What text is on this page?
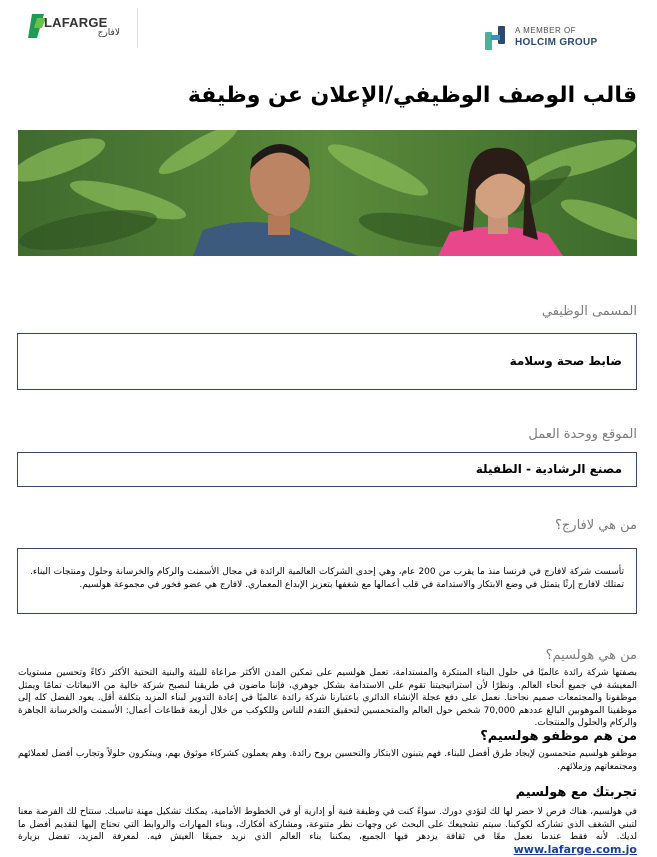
LAFARGE
لافارج	A MEMBER OF
HOLCIM GROUP
قالب الوصف الوظيفي/الإعلان عن وظيفة
المسمى الوظيفي
ضابط صحة وسلامة
الموقع ووحدة العمل
مصنع الرشادية - الطفيلة
من هي لافارج؟
تأسست شركة لافارج في فرنسا منذ ما يقرب من 200 عام، وهي إحدى الشركات العالمية الرائدة في مجال الأسمنت والركام والخرسانة وحلول ومنتجات البناء. تمتلك لافارج إرثًا يتمثل في وضع الابتكار والاستدامة في قلب أعمالها مع شغفها بتعزيز الإبداع المعماري. لافارج هي عضو فخور في مجموعة هولسيم.
من هي هولسيم؟
بصفتها شركة رائدة عالميًا في حلول البناء المبتكرة والمستدامة، تعمل هولسيم على تمكين المدن الأكثر مراعاة للبيئة والبنية التحتية الأكثر ذكاءً وتحسين مستويات المعيشة في جميع أنحاء العالم. ونظرًا لأن استراتيجيتنا تقوم على الاستدامة بشكل جوهري، فإننا ماضون في طريقنا لنصبح شركة خالية من الانبعاثات تمامًا ويمثل موظفونا والمجتمعات صميم نجاحنا. نعمل على دفع عجلة الإنشاء الدائري باعتبارنا شركة رائدة عالميًا في إعادة التدوير لبناء المزيد بتكلفة أقل. يعود الفضل كله إلى موظفينا الموهوبين البالغ عددهم 70,000 شخص حول العالم والمتحمسين لتحقيق التقدم للناس وللكوكب من خلال أربعة قطاعات أعمال: الأسمنت والخرسانة الجاهزة والركام والحلول والمنتجات.
من هم موظفو هولسيم؟
موظفو هولسيم متحمسون لإيجاد طرق أفضل للبناء. فهم يتبنون الابتكار والتحسين بروح رائدة. وهم يعملون كشركاء موثوق بهم، ويبتكرون حلولاً وتجارب أفضل لعملائهم ومجتمعاتهم وزملائهم.
تجربتك مع هولسيم
في هولسيم، هناك فرص لا حصر لها لك لتؤدي دورك. سواءً كنت في وظيفة فنية أو إدارية أو في الخطوط الأمامية، يمكنك تشكيل مهنة تناسبك. ستتاح لك الفرصة معنا لتبني الشغف الذي تشاركه لكوكبنا. سيتم تشجيعك على البحث عن وجهات نظر متنوعة، ومشاركة أفكارك، وبناء المهارات والروابط التي تحتاج إليها لتقديم أفضل ما لديك. لأنه فقط عندما نعمل معًا في ثقافة يزدهر فيها الجميع، يمكننا بناء العالم الذي نريد جميعًا العيش فيه. لمعرفة المزيد، تفضل بزيارة www.lafarge.com.jo
